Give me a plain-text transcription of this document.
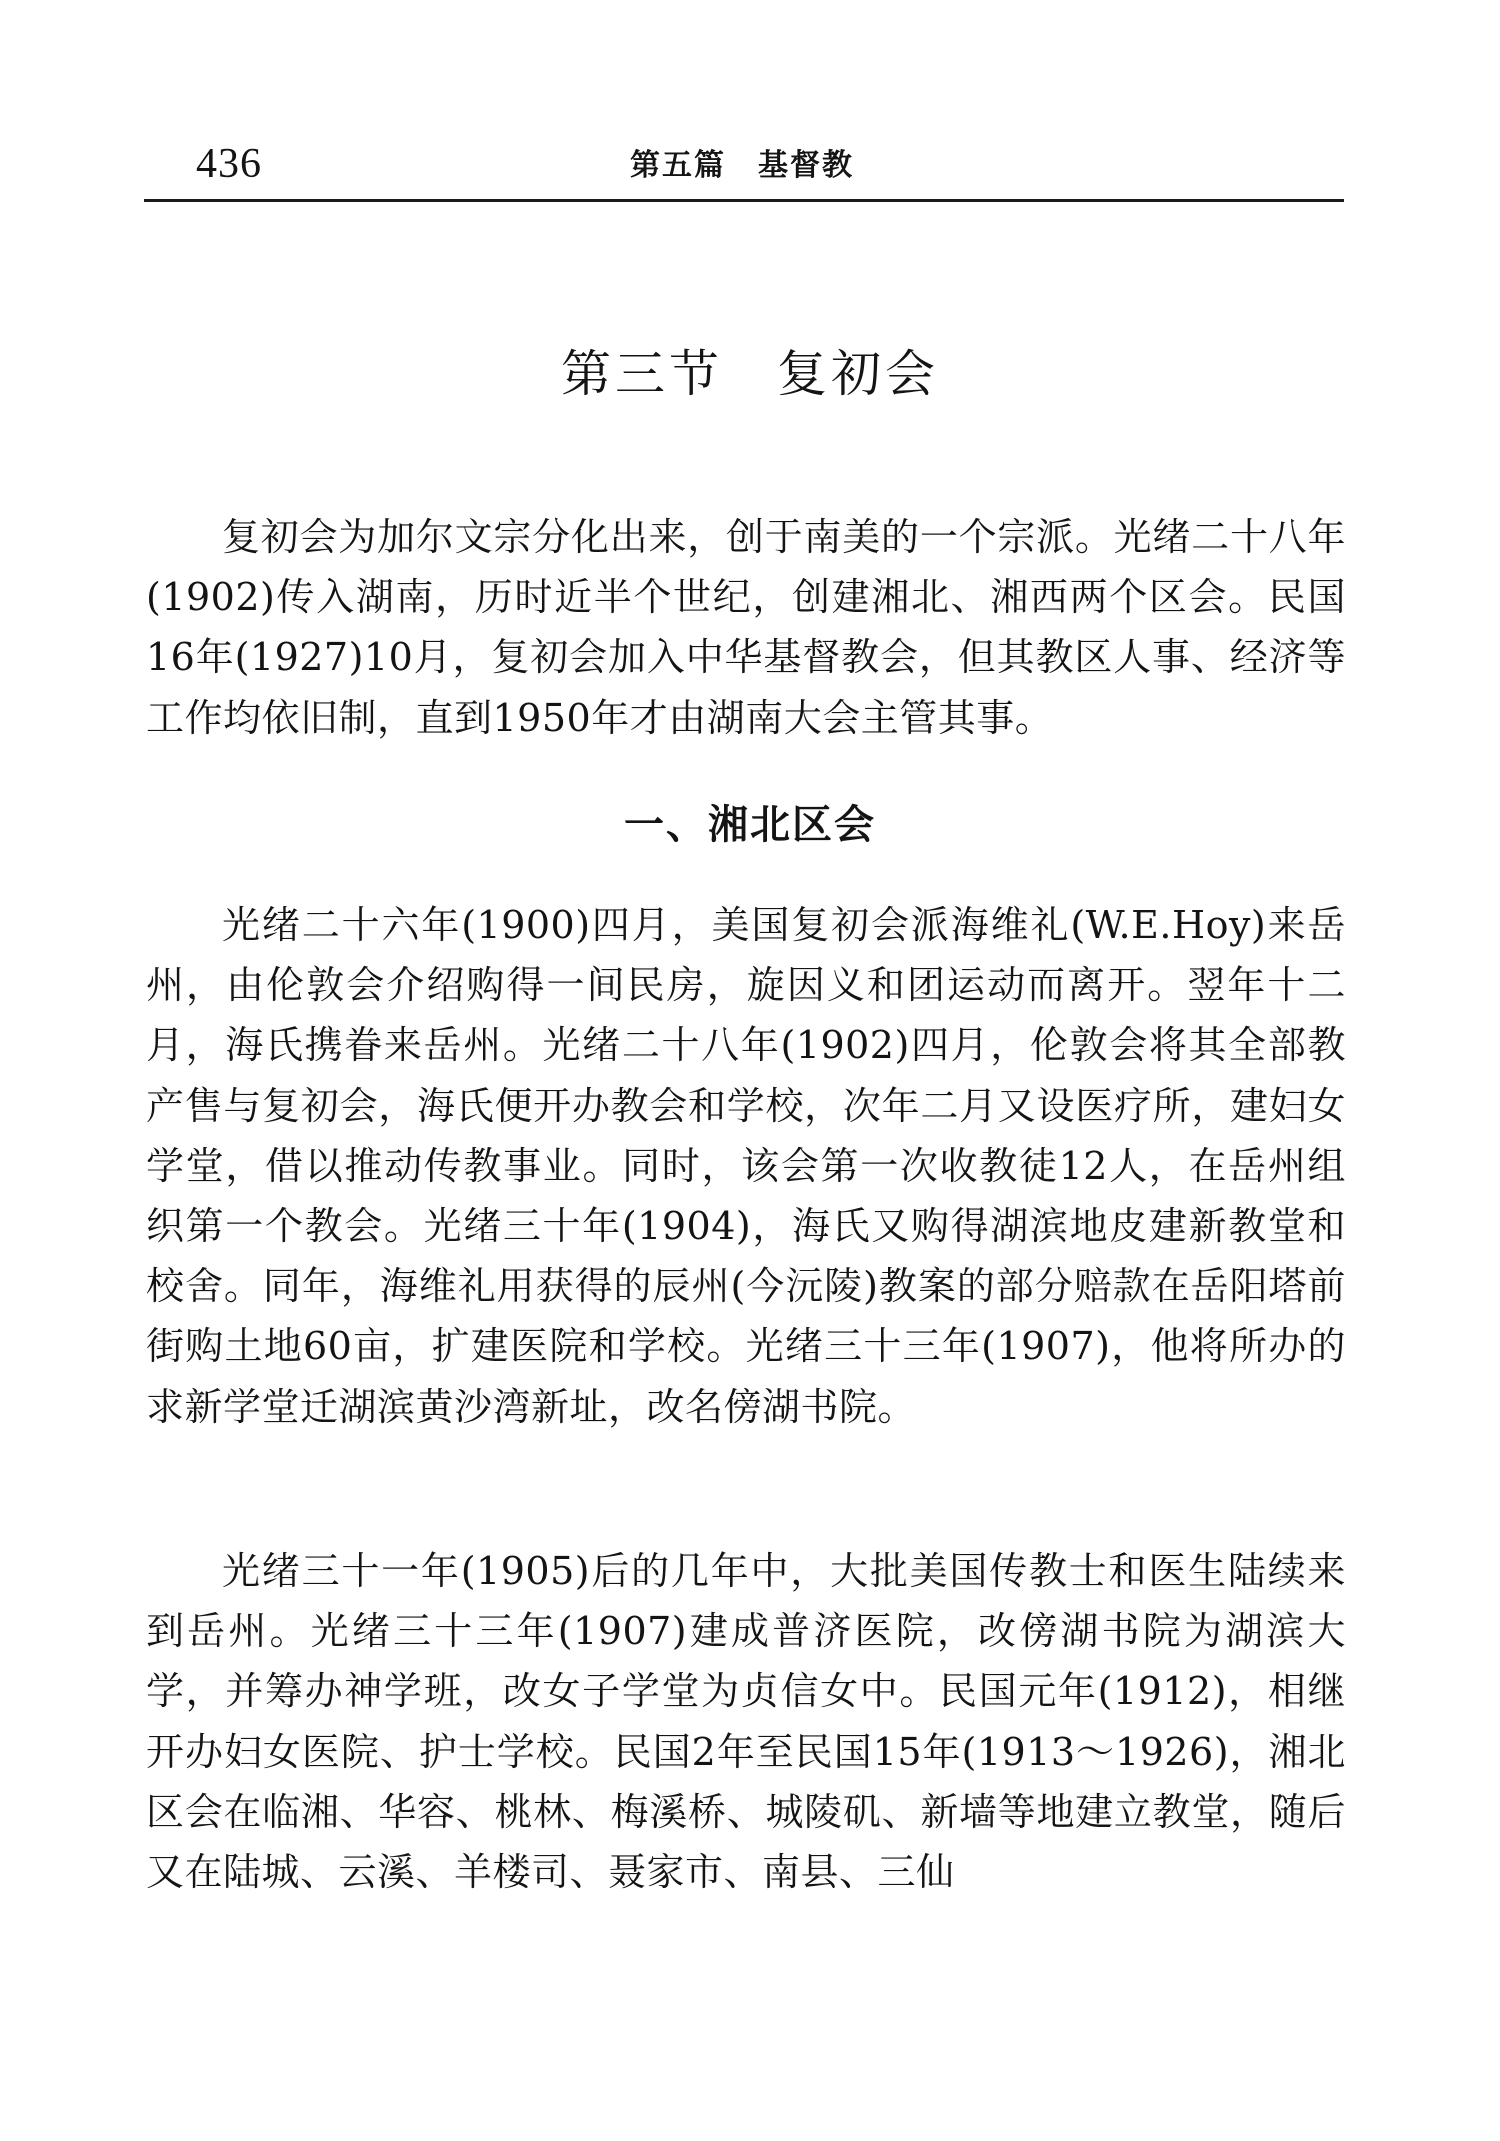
436	第五篇　基督教
第三节　复初会

复初会为加尔文宗分化出来，创于南美的一个宗派。光绪二十八年(1902)传入湖南，历时近半个世纪，创建湘北、湘西两个区会。民国16年(1927)10月，复初会加入中华基督教会，但其教区人事、经济等工作均依旧制，直到1950年才由湖南大会主管其事。

一、湘北区会

光绪二十六年(1900)四月，美国复初会派海维礼(W.E.Hoy)来岳州，由伦敦会介绍购得一间民房，旋因义和团运动而离开。翌年十二月，海氏携眷来岳州。光绪二十八年(1902)四月，伦敦会将其全部教产售与复初会，海氏便开办教会和学校，次年二月又设医疗所，建妇女学堂，借以推动传教事业。同时，该会第一次收教徒12人，在岳州组织第一个教会。光绪三十年(1904)，海氏又购得湖滨地皮建新教堂和校舍。同年，海维礼用获得的辰州(今沅陵)教案的部分赔款在岳阳塔前街购土地60亩，扩建医院和学校。光绪三十三年(1907)，他将所办的求新学堂迁湖滨黄沙湾新址，改名傍湖书院。

光绪三十一年(1905)后的几年中，大批美国传教士和医生陆续来到岳州。光绪三十三年(1907)建成普济医院，改傍湖书院为湖滨大学，并筹办神学班，改女子学堂为贞信女中。民国元年(1912)，相继开办妇女医院、护士学校。民国2年至民国15年(1913～1926)，湘北区会在临湘、华容、桃林、梅溪桥、城陵矶、新墙等地建立教堂，随后又在陆城、云溪、羊楼司、聂家市、南县、三仙
